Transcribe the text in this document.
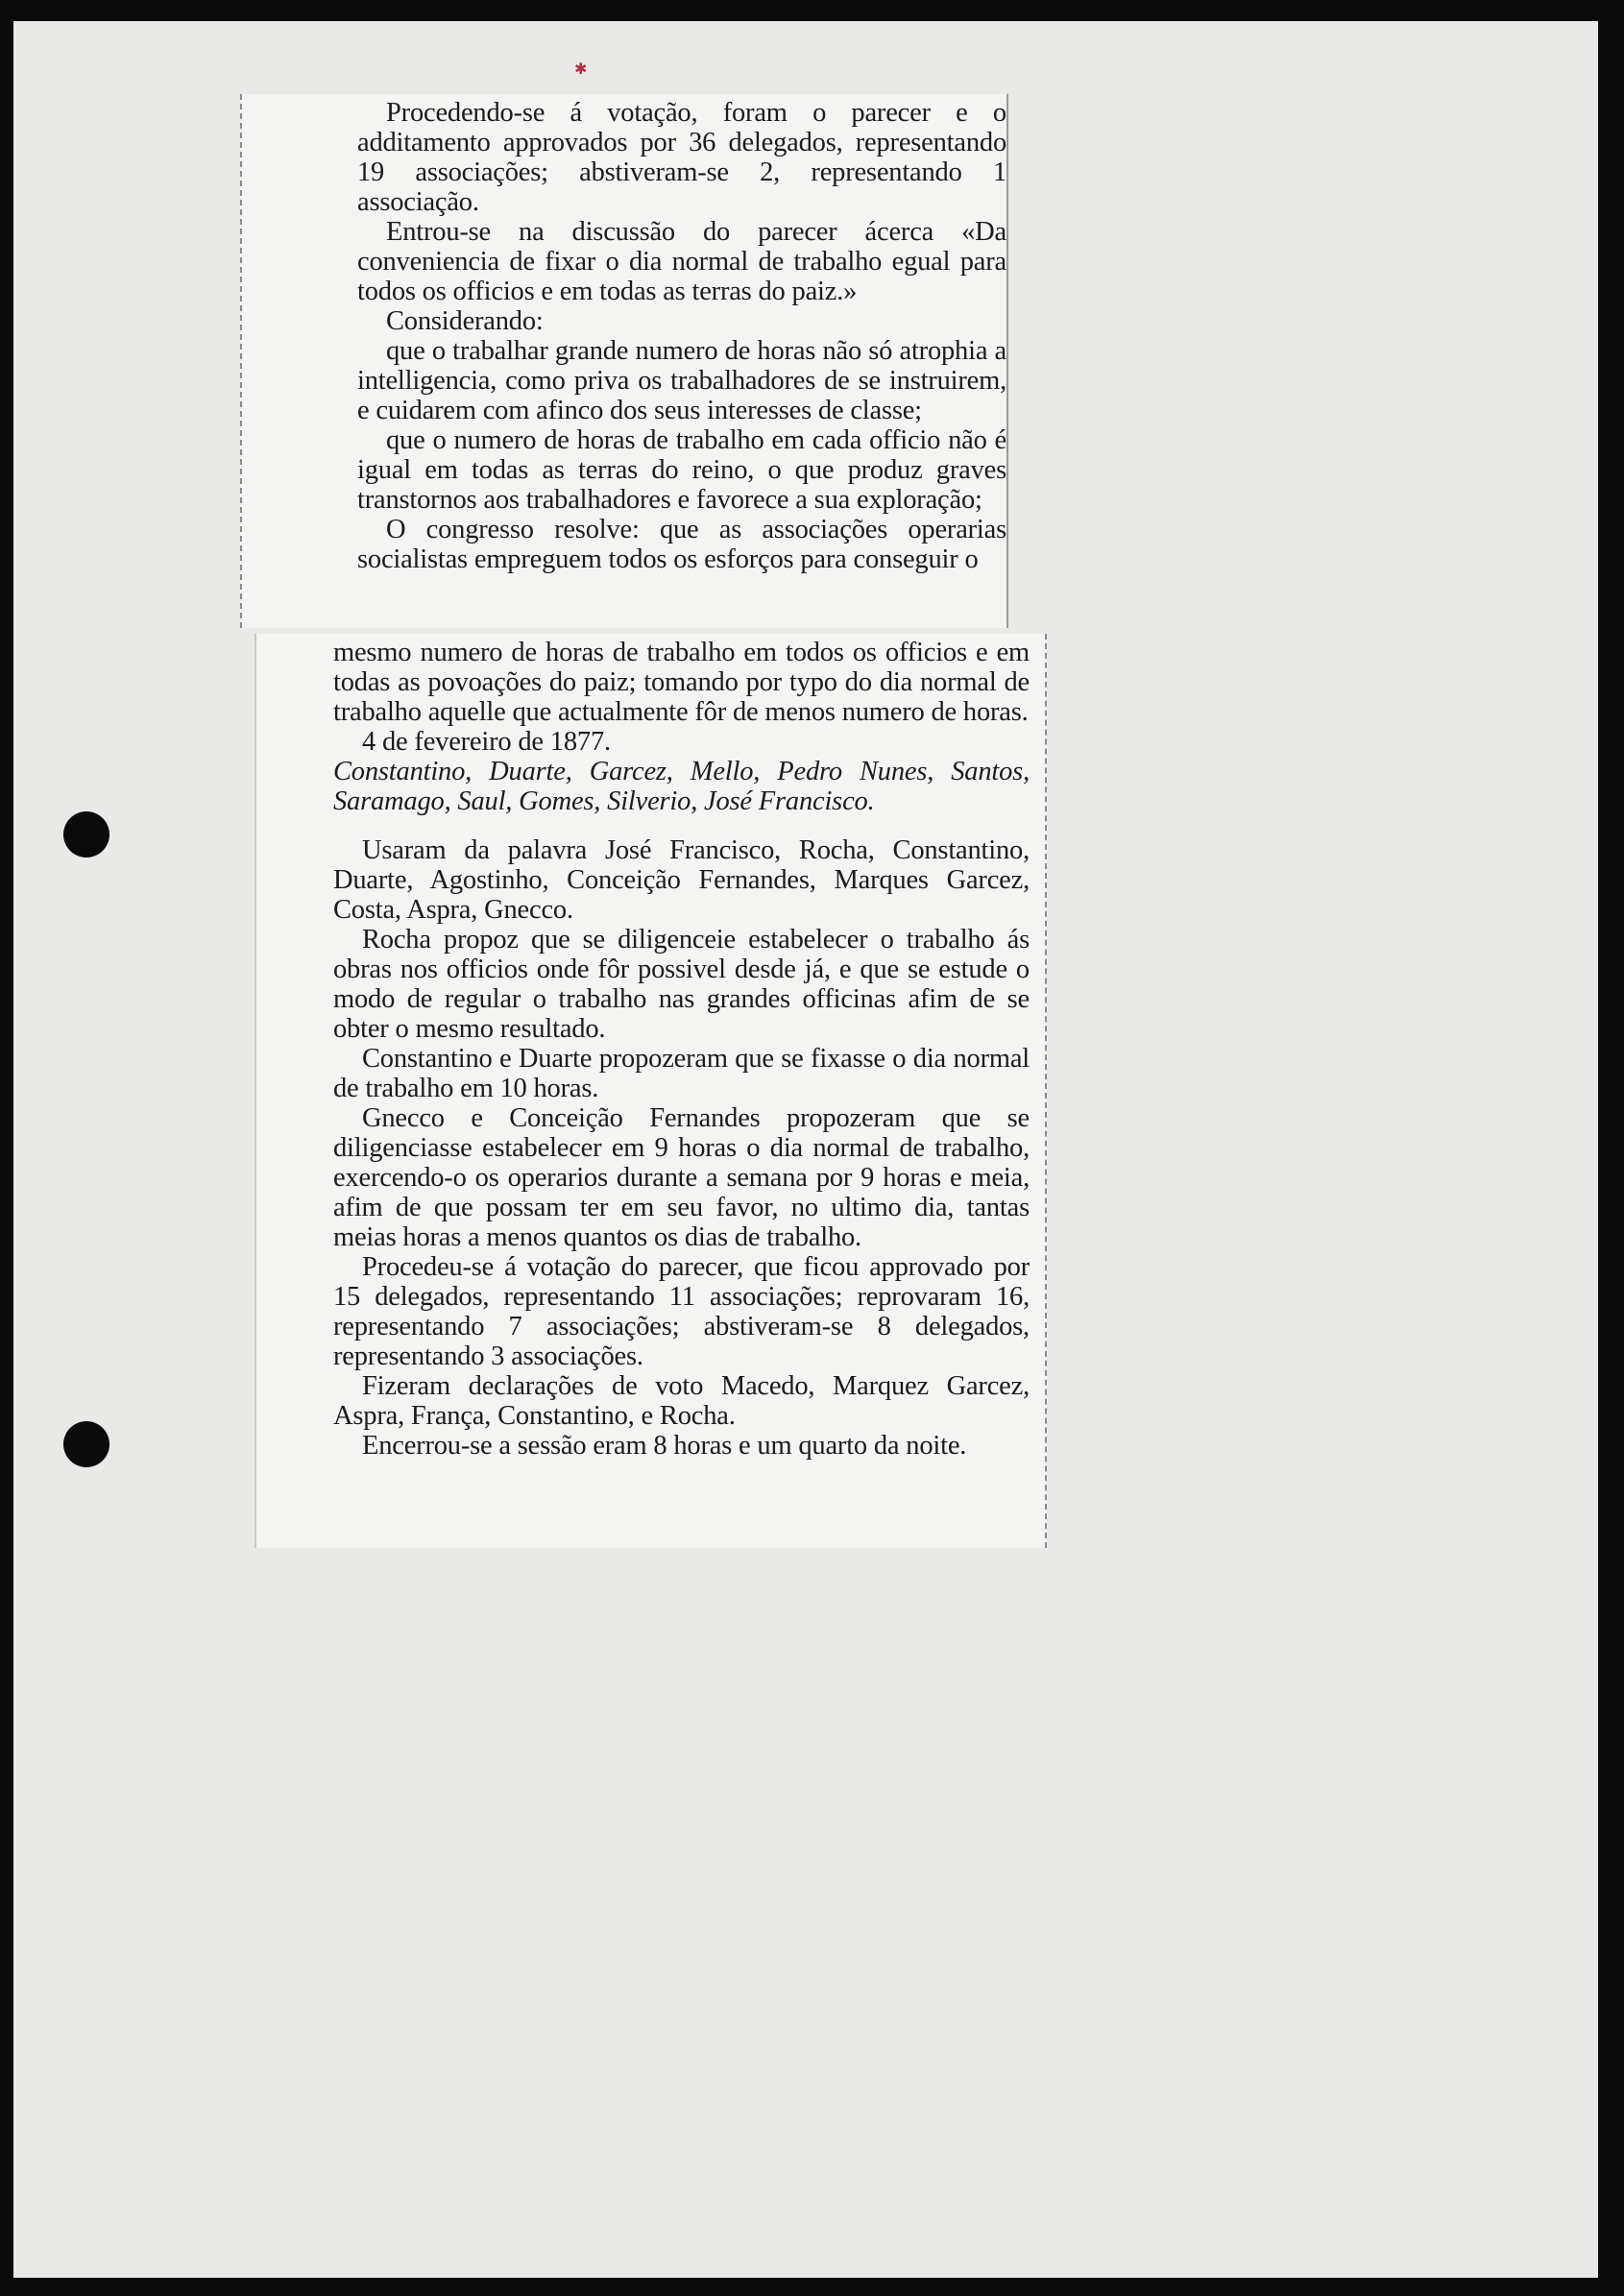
✱

Procedendo-se á votação, foram o parecer e o additamento approvados por 36 delegados, representando 19 associações; abstiveram-se 2, representando 1 associação.

Entrou-se na discussão do parecer ácerca «Da conveniencia de fixar o dia normal de trabalho egual para todos os officios e em todas as terras do paiz.»

Considerando:

que o trabalhar grande numero de horas não só atrophia a intelligencia, como priva os trabalhadores de se instruirem, e cuidarem com afinco dos seus interesses de classe;

que o numero de horas de trabalho em cada officio não é igual em todas as terras do reino, o que produz graves transtornos aos trabalhadores e favorece a sua exploração;

O congresso resolve: que as associações operarias socialistas empreguem todos os esforços para conseguir o

mesmo numero de horas de trabalho em todos os officios e em todas as povoações do paiz; tomando por typo do dia normal de trabalho aquelle que actualmente fôr de menos numero de horas.

4 de fevereiro de 1877.

Constantino, Duarte, Garcez, Mello, Pedro Nunes, Santos, Saramago, Saul, Gomes, Silverio, José Francisco.

Usaram da palavra José Francisco, Rocha, Constantino, Duarte, Agostinho, Conceição Fernandes, Marques Garcez, Costa, Aspra, Gnecco.

Rocha propoz que se diligenceie estabelecer o trabalho ás obras nos officios onde fôr possivel desde já, e que se estude o modo de regular o trabalho nas grandes officinas afim de se obter o mesmo resultado.

Constantino e Duarte propozeram que se fixasse o dia normal de trabalho em 10 horas.

Gnecco e Conceição Fernandes propozeram que se diligenciasse estabelecer em 9 horas o dia normal de trabalho, exercendo-o os operarios durante a semana por 9 horas e meia, afim de que possam ter em seu favor, no ultimo dia, tantas meias horas a menos quantos os dias de trabalho.

Procedeu-se á votação do parecer, que ficou approvado por 15 delegados, representando 11 associações; reprovaram 16, representando 7 associações; abstiveram-se 8 delegados, representando 3 associações.

Fizeram declarações de voto Macedo, Marquez Garcez, Aspra, França, Constantino, e Rocha.

Encerrou-se a sessão eram 8 horas e um quarto da noite.
